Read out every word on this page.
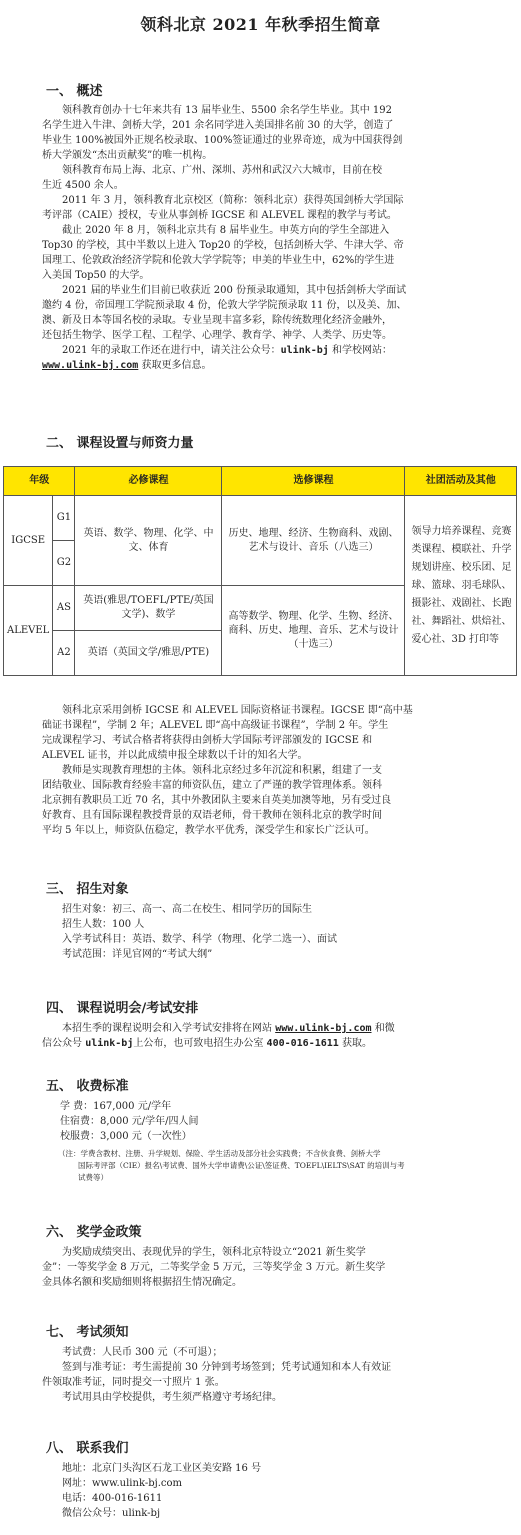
领科北京 2021 年秋季招生简章
一、 概述
领科教育创办十七年来共有 13 届毕业生、5500 余名学生毕业。其中 192
名学生进入牛津、剑桥大学，201 余名同学进入美国排名前 30 的大学，创造了
毕业生 100%被国外正规名校录取、100%签证通过的业界奇迹，成为中国获得剑
桥大学颁发“杰出贡献奖”的唯一机构。
领科教育布局上海、北京、广州、深圳、苏州和武汉六大城市，目前在校
生近 4500 余人。
2011 年 3 月，领科教育北京校区（简称：领科北京）获得英国剑桥大学国际
考评部（CAIE）授权，专业从事剑桥 IGCSE 和 ALEVEL 课程的教学与考试。
截止 2020 年 8 月，领科北京共有 8 届毕业生。申英方向的学生全部进入
Top30 的学校，其中半数以上进入 Top20 的学校，包括剑桥大学、牛津大学、帝
国理工、伦敦政治经济学院和伦敦大学学院等；申美的毕业生中，62%的学生进
入美国 Top50 的大学。
2021 届的毕业生们目前已收获近 200 份预录取通知，其中包括剑桥大学面试
邀约 4 份，帝国理工学院预录取 4 份，伦敦大学学院预录取 11 份，以及美、加、
澳、新及日本等国名校的录取。专业呈现丰富多彩，除传统数理化经济金融外，
还包括生物学、医学工程、工程学、心理学、教育学、神学、人类学、历史等。
2021 年的录取工作还在进行中，请关注公众号：ulink-bj 和学校网站：
www.ulink-bj.com 获取更多信息。
二、 课程设置与师资力量
年级		必修课程	选修课程	社团活动及其他
IGCSE	G1	英语、数学、物理、化学、中文、体育	历史、地理、经济、生物商科、戏剧、艺术与设计、音乐（八选三）	领导力培养课程、竞赛类课程、模联社、升学规划讲座、校乐团、足球、篮球、羽毛球队、摄影社、戏剧社、长跑社、舞蹈社、烘焙社、爱心社、3D 打印等
	G2			
ALEVEL	AS	英语(雅思/TOEFL/PTE/英国文学)、数学	高等数学、物理、化学、生物、经济、商科、历史、地理、音乐、艺术与设计（十选三）	
	A2	英语（英国文学/雅思/PTE)		
领科北京采用剑桥 IGCSE 和 ALEVEL 国际资格证书课程。IGCSE 即“高中基
础证书课程”，学制 2 年；ALEVEL 即“高中高级证书课程”，学制 2 年。学生
完成课程学习、考试合格者将获得由剑桥大学国际考评部颁发的 IGCSE 和
ALEVEL 证书，并以此成绩申报全球数以千计的知名大学。
教师是实现教育理想的主体。领科北京经过多年沉淀和积累，组建了一支
团结敬业、国际教育经验丰富的师资队伍，建立了严谨的教学管理体系。领科
北京拥有教职员工近 70 名，其中外教团队主要来自英美加澳等地，另有受过良
好教育、且有国际课程教授背景的双语老师，骨干教师在领科北京的教学时间
平均 5 年以上，师资队伍稳定，教学水平优秀，深受学生和家长广泛认可。
三、 招生对象
招生对象：初三、高一、高二在校生、相同学历的国际生
招生人数：100 人
入学考试科目：英语、数学、科学（物理、化学二选一）、面试
考试范围：详见官网的“考试大纲”
四、 课程说明会/考试安排
本招生季的课程说明会和入学考试安排将在网站 www.ulink-bj.com 和微
信公众号 ulink-bj上公布，也可致电招生办公室 400-016-1611 获取。
五、 收费标准
学 费：167,000 元/学年
住宿费：8,000 元/学年/四人间
校服费：3,000 元（一次性）
（注：学费含教材、注册、升学规划、保险、学生活动及部分社会实践费；不含伙食费、剑桥大学
国际考评部（CIE）报名\考试费、国外大学申请费\公证\签证费、TOEFL\IELTS\SAT 的培训与考
试费等）
六、 奖学金政策
为奖励成绩突出、表现优异的学生，领科北京特设立“2021 新生奖学
金”：一等奖学金 8 万元，二等奖学金 5 万元，三等奖学金 3 万元。新生奖学
金具体名额和奖励细则将根据招生情况确定。
七、 考试须知
考试费：人民币 300 元（不可退）；
签到与准考证：考生需提前 30 分钟到考场签到；凭考试通知和本人有效证
件领取准考证，同时提交一寸照片 1 张。
考试用具由学校提供，考生须严格遵守考场纪律。
八、 联系我们
地址：北京门头沟区石龙工业区美安路 16 号
网址：www.ulink-bj.com
电话：400-016-1611
微信公众号：ulink-bj
